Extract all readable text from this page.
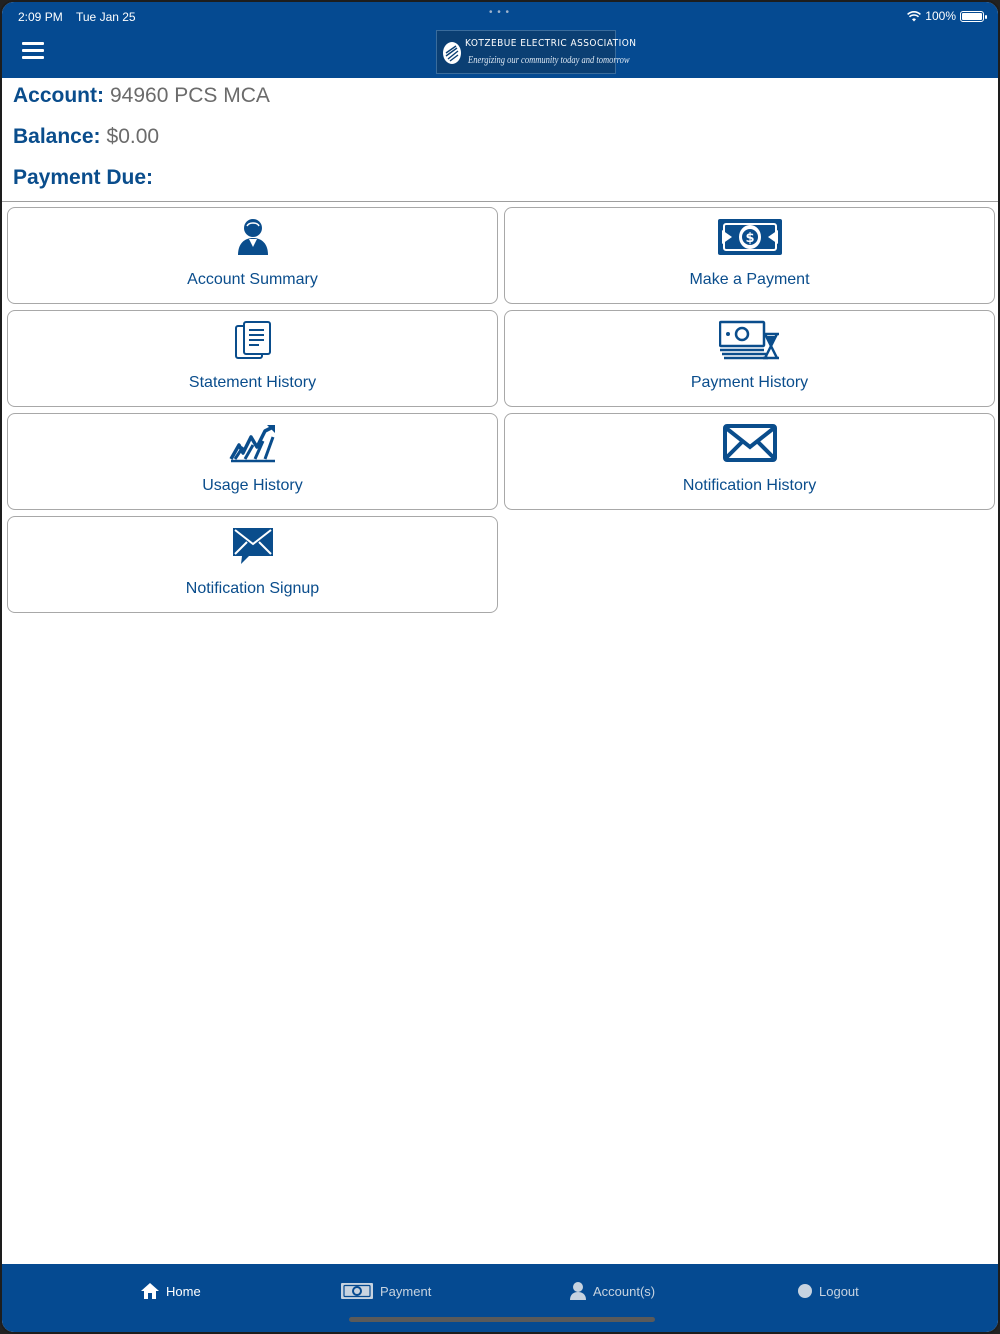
2:09 PM Tue Jan 25	• • •	100%
KOTZEBUE ELECTRIC ASSOCIATION
Energizing our community today and tomorrow
Account: 94960 PCS MCA
Balance: $0.00
Payment Due:
Account Summary
$
Make a Payment
Statement History	Payment History
Usage History	Notification History
Notification Signup
Home	Payment	Account(s)	Logout
